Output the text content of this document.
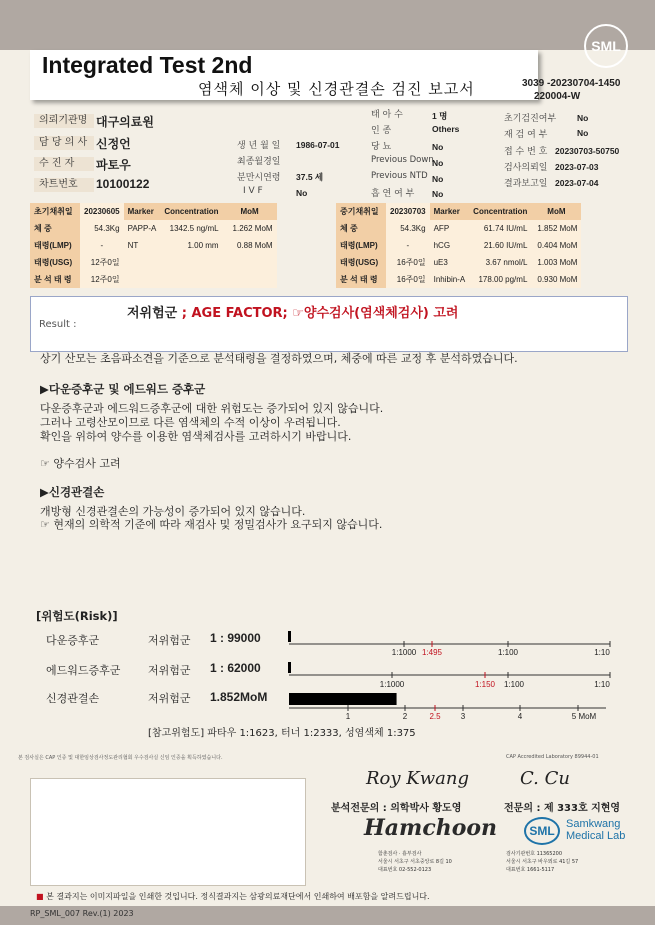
SML
Integrated Test 2nd
염색체 이상 및 신경관결손 검진 보고서	3039 -20230704-1450
220004-W
의뢰기관명 대구의료원
담 당 의 사 신정언
수 진 자	파토우
차트번호	10100122
생 년 월 일 1986-07-01
최종월경일
분만시연령 37.5 세
I V F	No
태 아 수	1 명
인 종	Others
당 뇨	No
Previous Down
No
Previous NTD No
흡 연 여 부 No
초기검진여부 No
재 검 여 부	No
접 수 번 호 20230703-50750
검사의뢰일 2023-07-03
결과보고일 2023-07-04
초기채취일	20230605	Marker	Concentration	MoM
체 중	54.3Kg	PAPP-A	1342.5 ng/mL	1.262 MoM
태령(LMP)	-	NT	1.00 mm	0.88 MoM
태령(USG)	12주0일			
분 석 태 령	12주0일			
중기채취일	20230703	Marker	Concentration	MoM
체 중	54.3Kg	AFP	61.74 IU/mL	1.852 MoM
태령(LMP)	-	hCG	21.60 IU/mL	0.404 MoM
태령(USG)	16주0일	uE3	3.67 nmol/L	1.003 MoM
분 석 태 령	16주0일	Inhibin-A	178.00 pg/mL	0.930 MoM
Result :
저위험군 ; AGE FACTOR; ☞양수검사(염색체검사) 고려
상기 산모는 초음파소견을 기준으로 분석태령을 결정하였으며, 체중에 따른 교정 후 분석하였습니다.
▶다운증후군 및 에드워드 증후군
다운증후군과 에드워드증후군에 대한 위험도는 증가되어 있지 않습니다.
그러나 고령산모이므로 다른 염색체의 수적 이상이 우려됩니다.
확인을 위하여 양수를 이용한 염색체검사를 고려하시기 바랍니다.
☞ 양수검사 고려
▶신경관결손
개방형 신경관결손의 가능성이 증가되어 있지 않습니다.
☞ 현재의 의학적 기준에 따라 재검사 및 정밀검사가 요구되지 않습니다.
[위험도(Risk)]
다운증후군	저위험군 1 : 99000
에드워드증후군	저위험군 1 : 62000
신경관결손	저위험군 1.852MoM
1:1000 1:495	1:100	1:10
1:1000	1:150 1:100	1:10
1	2	2.5	3	4	5 MoM
[참고위험도] 파타우 1:1623, 터너 1:2333, 성염색체 1:375
본 검사실은 CAP 인증 및 대한임상검사정도관리협회 우수검사실 신임 인증을 획득하였습니다.	CAP Accredited Laboratory 89944-01
Roy Kwang
분석전문의 : 의학박사 황도영
C. Cu
전문의 : 제 333호 지현영
Hamchoon
함춘검사 · 흉부검사
서울시 서초구 서초중앙로 8길 10
대표번호 02-552-0123
SML	Samkwang
Medical Lab
검사기관번호 11365200
서울시 서초구 바우뫼로 41길 57
대표번호 1661-5117
■ 본 결과지는 이미지파일을 인쇄한 것입니다. 정식결과지는 삼광의료재단에서 인쇄하여 배포함을 알려드립니다.
RP_SML_007 Rev.(1) 2023
